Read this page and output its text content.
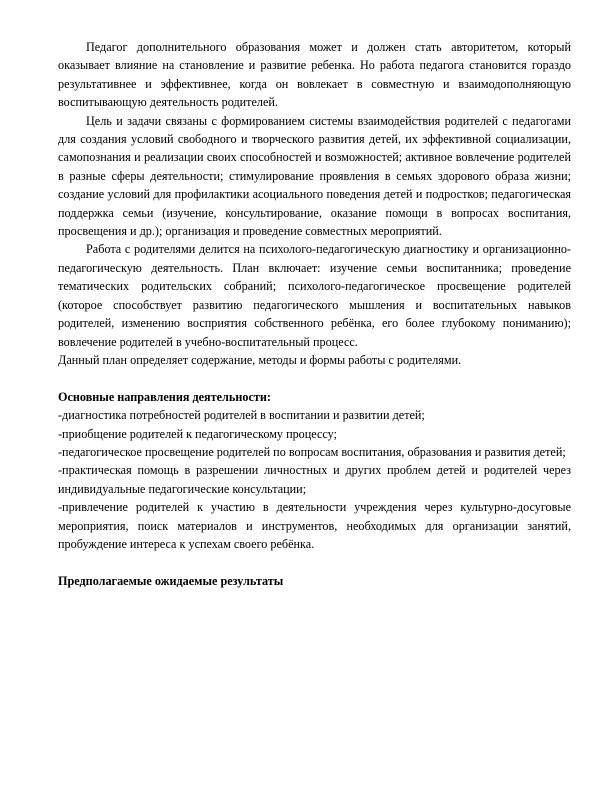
Педагог дополнительного образования может и должен стать авторитетом, который оказывает влияние на становление и развитие ребенка. Но работа педагога становится гораздо результативнее и эффективнее, когда он вовлекает в совместную и взаимодополняющую воспитывающую деятельность родителей.

Цель и задачи связаны с формированием системы взаимодействия родителей с педагогами для создания условий свободного и творческого развития детей, их эффективной социализации, самопознания и реализации своих способностей и возможностей; активное вовлечение родителей в разные сферы деятельности; стимулирование проявления в семьях здорового образа жизни; создание условий для профилактики асоциального поведения детей и подростков; педагогическая поддержка семьи (изучение, консультирование, оказание помощи в вопросах воспитания, просвещения и др.); организация и проведение совместных мероприятий.

Работа с родителями делится на психолого-педагогическую диагностику и организационно-педагогическую деятельность. План включает: изучение семьи воспитанника; проведение тематических родительских собраний; психолого-педагогическое просвещение родителей (которое способствует развитию педагогического мышления и воспитательных навыков родителей, изменению восприятия собственного ребёнка, его более глубокому пониманию); вовлечение родителей в учебно-воспитательный процесс.

Данный план определяет содержание, методы и формы работы с родителями.

Основные направления деятельности:

-диагностика потребностей родителей в воспитании и развитии детей;

-приобщение родителей к педагогическому процессу;

-педагогическое просвещение родителей по вопросам воспитания, образования и развития детей;

-практическая помощь в разрешении личностных и других проблем детей и родителей через индивидуальные педагогические консультации;

-привлечение родителей к участию в деятельности учреждения через культурно-досуговые мероприятия, поиск материалов и инструментов, необходимых для организации занятий, пробуждение интереса к успехам своего ребёнка.

Предполагаемые ожидаемые результаты
